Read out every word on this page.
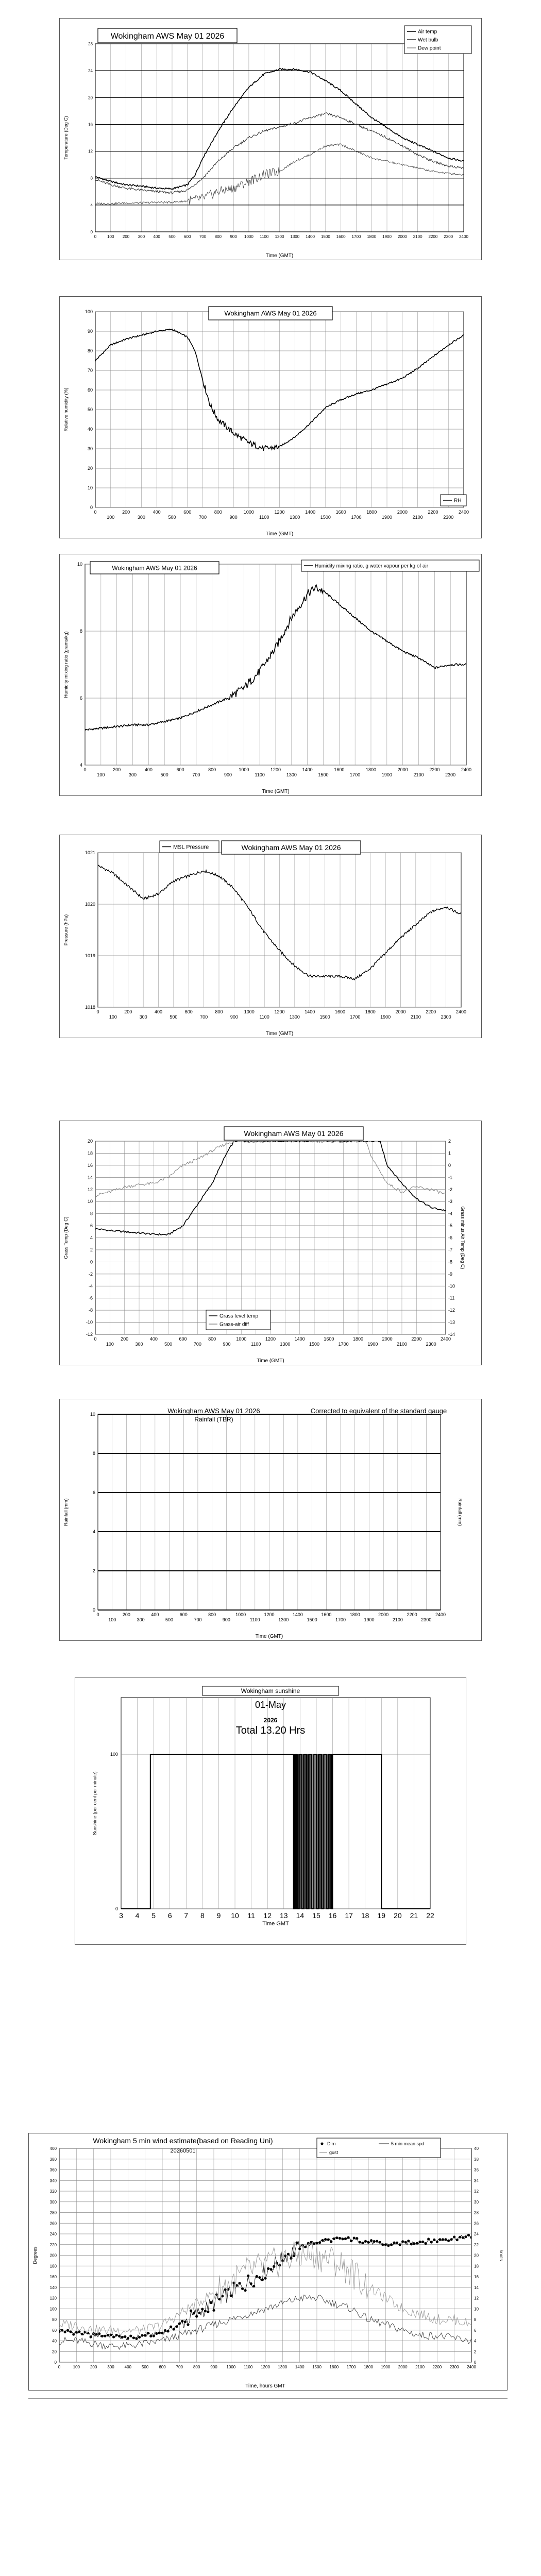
0	100 200 300 400 500 600 700 800 900 1000 1100 1200 1300 1400 1500 1600 1700 1800 1900 2000 2100 2200 2300 2400
0
4
8
12
16
20
24
28
Time (GMT)
Temperature (Deg C)
Wokingham AWS May 01 2026	Air temp
Wet bulb
Dew point
0
100
200
300
400
500
600
700
800
900
1000
1100
1200
1300
1400
1500
1600
1700
1800
1900
2000
2100
2200
2300
2400
0
10
20
30
40
50
60
70
80
90
100
Time (GMT)
Relative humidity (%)
Wokingham AWS May 01 2026
RH
0
100
200
300
400
500
600
700
800
900
1000
1100
1200
1300
1400
1500
1600
1700
1800
1900
2000
2100
2200
2300
2400
4
6
8
10
Time (GMT)
Humidity mixing ratio (grams/kg)
Wokingham AWS May 01 2026	Humidity mixing ratio, g water vapour per kg of air
0
100
200
300
400
500
600
700
800
900
1000
1100
1200
1300
1400
1500
1600
1700
1800
1900
2000
2100
2200
2300
2400
1018
1019
1020
1021
Time (GMT)
Pressure (hPa)
Wokingham AWS May 01 2026
MSL Pressure
0
100
200
300
400
500
600
700
800
900
1000
1100
1200
1300
1400
1500
1600
1700
1800
1900
2000
2100
2200
2300
2400
-12
-10
-8
-6
-4
-2
0
2
4
6
8
10
12
14
16
18
20
-14
-13
-12
-11
-10
-9
-8
-7
-6
-5
-4
-3
-2
-1
0
1
2
Time (GMT)
Grass Temp (Deg C)	Grass minus Air Temp (Deg C)
Wokingham AWS May 01 2026
Grass level temp
Grass-air diff
0
100
200
300
400
500
600
700
800
900
1000
1100
1200
1300
1400
1500
1600
1700
1800
1900
2000
2100
2200
2300
2400
0
2
4
6
8
10
Time (GMT)
Rainfall (mm)	Rainfall (mm)
Wokingham AWS May 01 2026
Rainfall (TBR)
Corrected to equivalent of the standard gauge
3 4 5 6 7 8 9 10 11 12 13 14 15 16 17 18 19 20 21 22
0
100
Time GMT
Sunshine (per cent per minute)
Wokingham sunshine
01-May
2026
Total 13.20 Hrs
0	100 200 300 400 500 600 700 800 900 1000 1100 1200 1300 1400 1500 1600 1700 1800 1900 2000 2100 2200 2300 2400
0
20
40
60
80
100
120
140
160
180
200
220
240
260
280
300
320
340
360
380
400
0
2
4
6
8
10
12
14
16
18
20
22
24
26
28
30
32
34
36
38
40
Time, hours GMT
Degrees	knots
Wokingham 5 min wind estimate(based on Reading Uni)
20260501
Dirn	5 min mean spd
gust
